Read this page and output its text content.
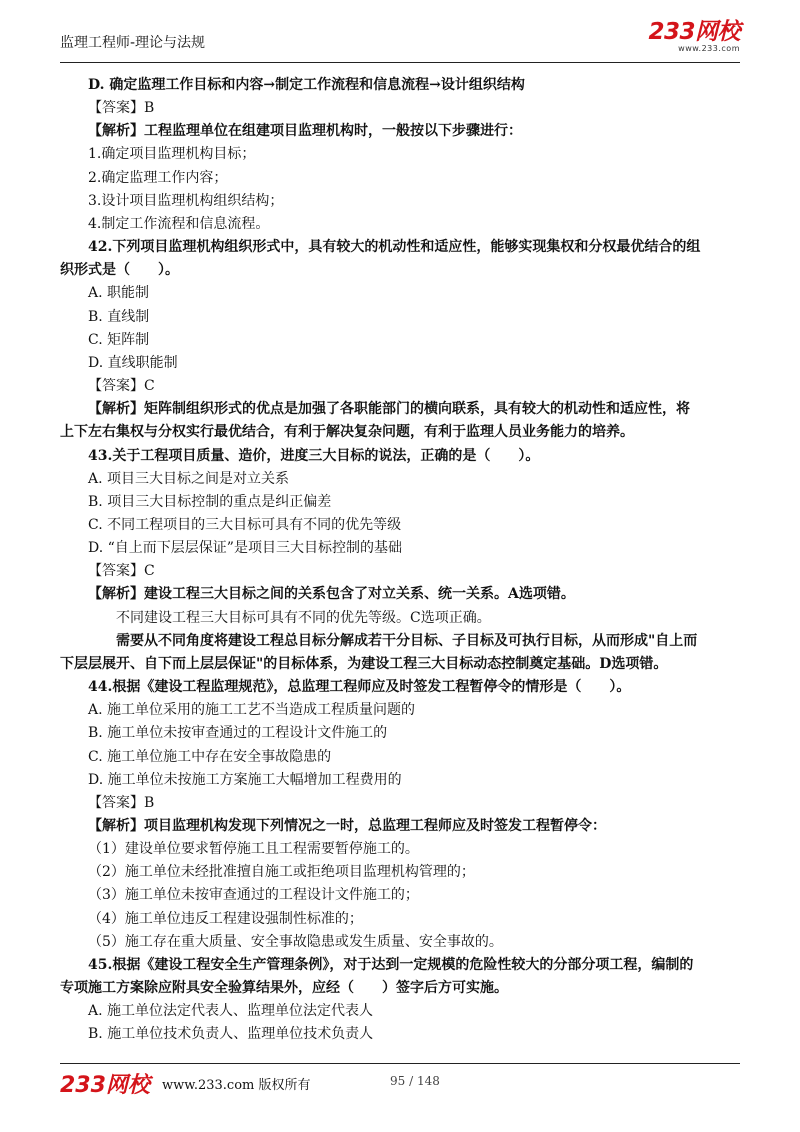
监理工程师-理论与法规	233网校
www.233.com
D. 确定监理工作目标和内容→制定工作流程和信息流程→设计组织结构
【答案】B
【解析】工程监理单位在组建项目监理机构时，一般按以下步骤进行：
1.确定项目监理机构目标；
2.确定监理工作内容；
3.设计项目监理机构组织结构；
4.制定工作流程和信息流程。
42.下列项目监理机构组织形式中，具有较大的机动性和适应性，能够实现集权和分权最优结合的组
织形式是（　　）。
A. 职能制
B. 直线制
C. 矩阵制
D. 直线职能制
【答案】C
【解析】矩阵制组织形式的优点是加强了各职能部门的横向联系，具有较大的机动性和适应性，将
上下左右集权与分权实行最优结合，有利于解决复杂问题，有利于监理人员业务能力的培养。
43.关于工程项目质量、造价，进度三大目标的说法，正确的是（　　）。
A. 项目三大目标之间是对立关系
B. 项目三大目标控制的重点是纠正偏差
C. 不同工程项目的三大目标可具有不同的优先等级
D. “自上而下层层保证”是项目三大目标控制的基础
【答案】C
【解析】建设工程三大目标之间的关系包含了对立关系、统一关系。A选项错。
不同建设工程三大目标可具有不同的优先等级。C选项正确。
需要从不同角度将建设工程总目标分解成若干分目标、子目标及可执行目标，从而形成"自上而
下层层展开、自下而上层层保证"的目标体系，为建设工程三大目标动态控制奠定基础。D选项错。
44.根据《建设工程监理规范》，总监理工程师应及时签发工程暂停令的情形是（　　）。
A. 施工单位采用的施工工艺不当造成工程质量问题的
B. 施工单位未按审查通过的工程设计文件施工的
C. 施工单位施工中存在安全事故隐患的
D. 施工单位未按施工方案施工大幅增加工程费用的
【答案】B
【解析】项目监理机构发现下列情况之一时，总监理工程师应及时签发工程暂停令：
（1）建设单位要求暂停施工且工程需要暂停施工的。
（2）施工单位未经批准擅自施工或拒绝项目监理机构管理的；
（3）施工单位未按审查通过的工程设计文件施工的；
（4）施工单位违反工程建设强制性标准的；
（5）施工存在重大质量、安全事故隐患或发生质量、安全事故的。
45.根据《建设工程安全生产管理条例》，对于达到一定规模的危险性较大的分部分项工程，编制的
专项施工方案除应附具安全验算结果外，应经（　　）签字后方可实施。
A. 施工单位法定代表人、监理单位法定代表人
B. 施工单位技术负责人、监理单位技术负责人
233网校 www.233.com 版权所有	95 / 148
